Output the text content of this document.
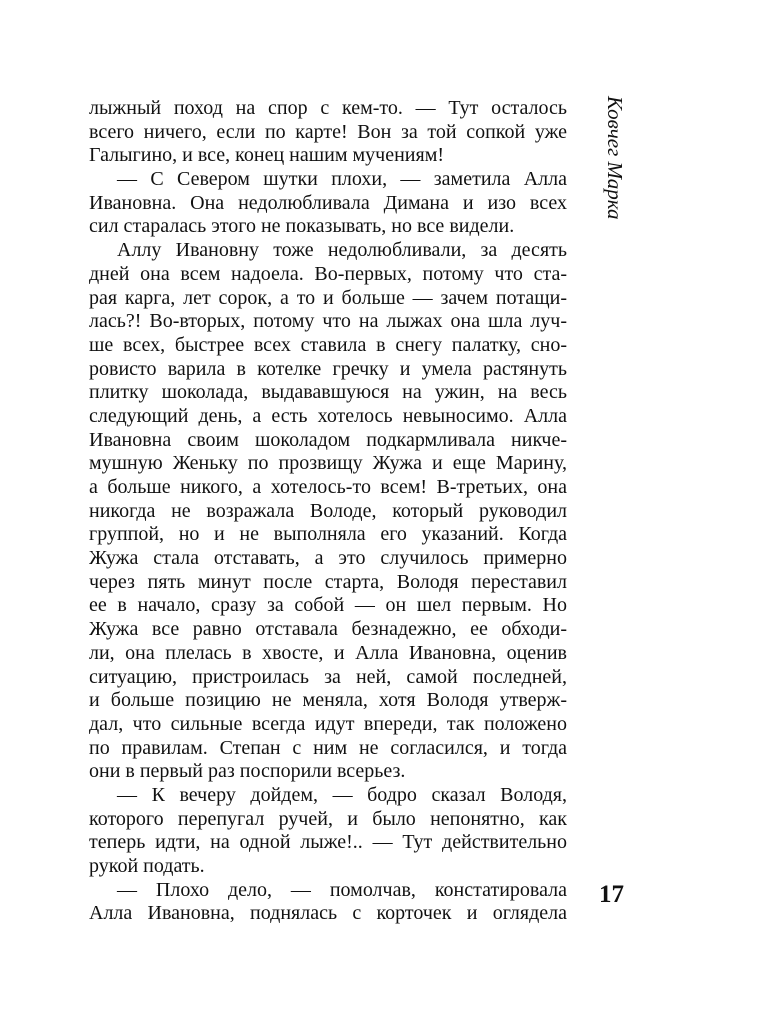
лыжный поход на спор с кем-то. — Тут осталось
всего ничего, если по карте! Вон за той сопкой уже
Галыгино, и все, конец нашим мучениям!
— С Севером шутки плохи, — заметила Алла
Ивановна. Она недолюбливала Димана и изо всех
сил старалась этого не показывать, но все видели.
Аллу Ивановну тоже недолюбливали, за десять
дней она всем надоела. Во-первых, потому что ста-
рая карга, лет сорок, а то и больше — зачем потащи-
лась?! Во-вторых, потому что на лыжах она шла луч-
ше всех, быстрее всех ставила в снегу палатку, сно-
ровисто варила в котелке гречку и умела растянуть
плитку шоколада, выдававшуюся на ужин, на весь
следующий день, а есть хотелось невыносимо. Алла
Ивановна своим шоколадом подкармливала никче-
мушную Женьку по прозвищу Жужа и еще Марину,
а больше никого, а хотелось-то всем! В-третьих, она
никогда не возражала Володе, который руководил
группой, но и не выполняла его указаний. Когда
Жужа стала отставать, а это случилось примерно
через пять минут после старта, Володя переставил
ее в начало, сразу за собой — он шел первым. Но
Жужа все равно отставала безнадежно, ее обходи-
ли, она плелась в хвосте, и Алла Ивановна, оценив
ситуацию, пристроилась за ней, самой последней,
и больше позицию не меняла, хотя Володя утверж-
дал, что сильные всегда идут впереди, так положено
по правилам. Степан с ним не согласился, и тогда
они в первый раз поспорили всерьез.
— К вечеру дойдем, — бодро сказал Володя,
которого перепугал ручей, и было непонятно, как
теперь идти, на одной лыже!.. — Тут действительно
рукой подать.
— Плохо дело, — помолчав, констатировала
Алла Ивановна, поднялась с корточек и оглядела
Ковчег Марка
17
